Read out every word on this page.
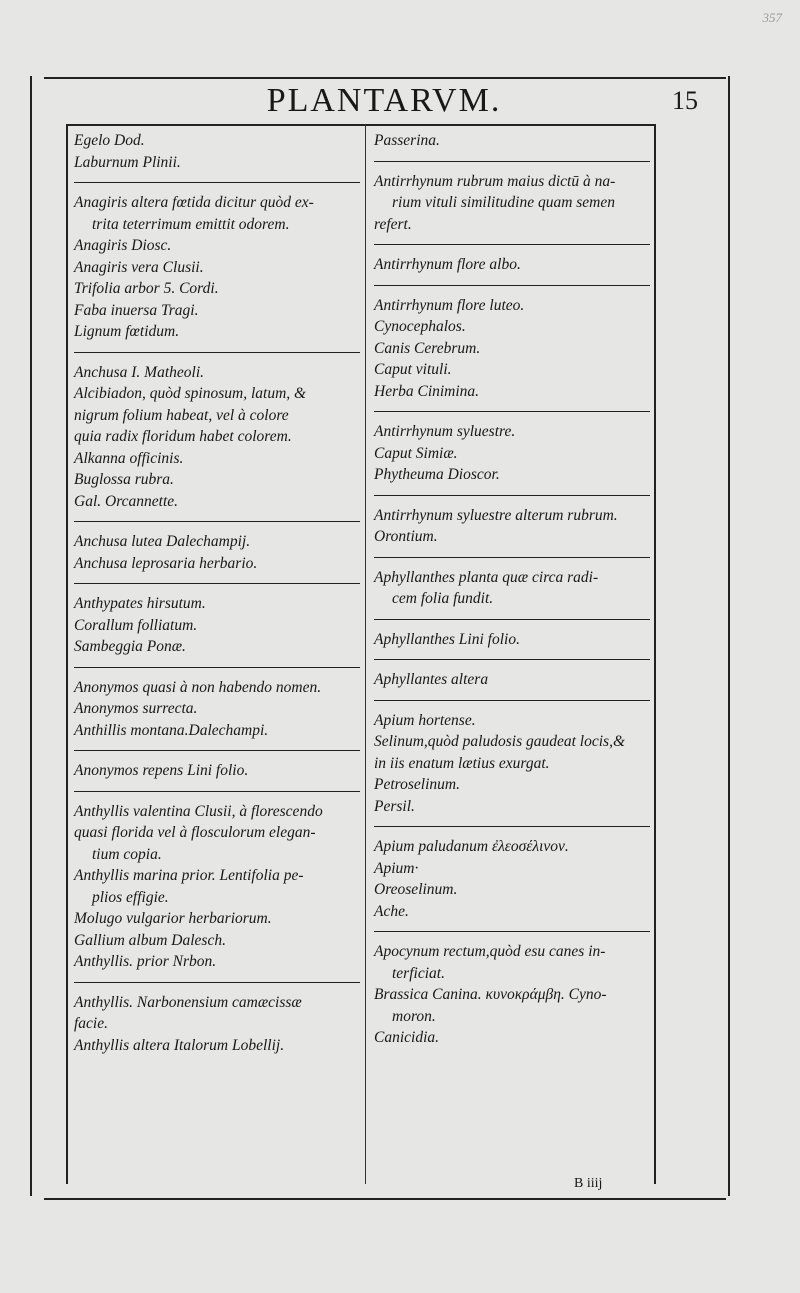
357
PLANTARVM.	15
Egelo Dod.
Laburnum Plinii.
Anagiris altera fœtida dicitur quòd ex-
trita teterrimum emittit odorem.
Anagiris Diosc.
Anagiris vera Clusii.
Trifolia arbor 5. Cordi.
Faba inuersa Tragi.
Lignum fœtidum.
Anchusa I. Matheoli.
Alcibiadon, quòd spinosum, latum, &
nigrum folium habeat, vel à colore
quia radix floridum habet colorem.
Alkanna officinis.
Buglossa rubra.
Gal. Orcannette.
Anchusa lutea Dalechampij.
Anchusa leprosaria herbario.
Anthypates hirsutum.
Corallum folliatum.
Sambeggia Ponæ.
Anonymos quasi à non habendo nomen.
Anonymos surrecta.
Anthillis montana.Dalechampi.
Anonymos repens Lini folio.
Anthyllis valentina Clusii, à florescendo
quasi florida vel à flosculorum elegan-
tium copia.
Anthyllis marina prior. Lentifolia pe-
plios effigie.
Molugo vulgarior herbariorum.
Gallium album Dalesch.
Anthyllis. prior Nrbon.
Anthyllis. Narbonensium camæcissæ
facie.
Anthyllis altera Italorum Lobellij.
Passerina.
Antirrhynum rubrum maius dictū à na-
rium vituli similitudine quam semen
refert.
Antirrhynum flore albo.
Antirrhynum flore luteo.
Cynocephalos.
Canis Cerebrum.
Caput vituli.
Herba Cinimina.
Antirrhynum syluestre.
Caput Simiæ.
Phytheuma Dioscor.
Antirrhynum syluestre alterum rubrum.
Orontium.
Aphyllanthes planta quæ circa radi-
cem folia fundit.
Aphyllanthes Lini folio.
Aphyllantes altera
Apium hortense.
Selinum,quòd paludosis gaudeat locis,&
in iis enatum lætius exurgat.
Petroselinum.
Persil.
Apium paludanum ἐλεοσέλινον.
Apium·
Oreoselinum.
Ache.
Apocynum rectum,quòd esu canes in-
terficiat.
Brassica Canina. κυνοκράμβη. Cyno-
moron.
Canicidia.
B iiij
